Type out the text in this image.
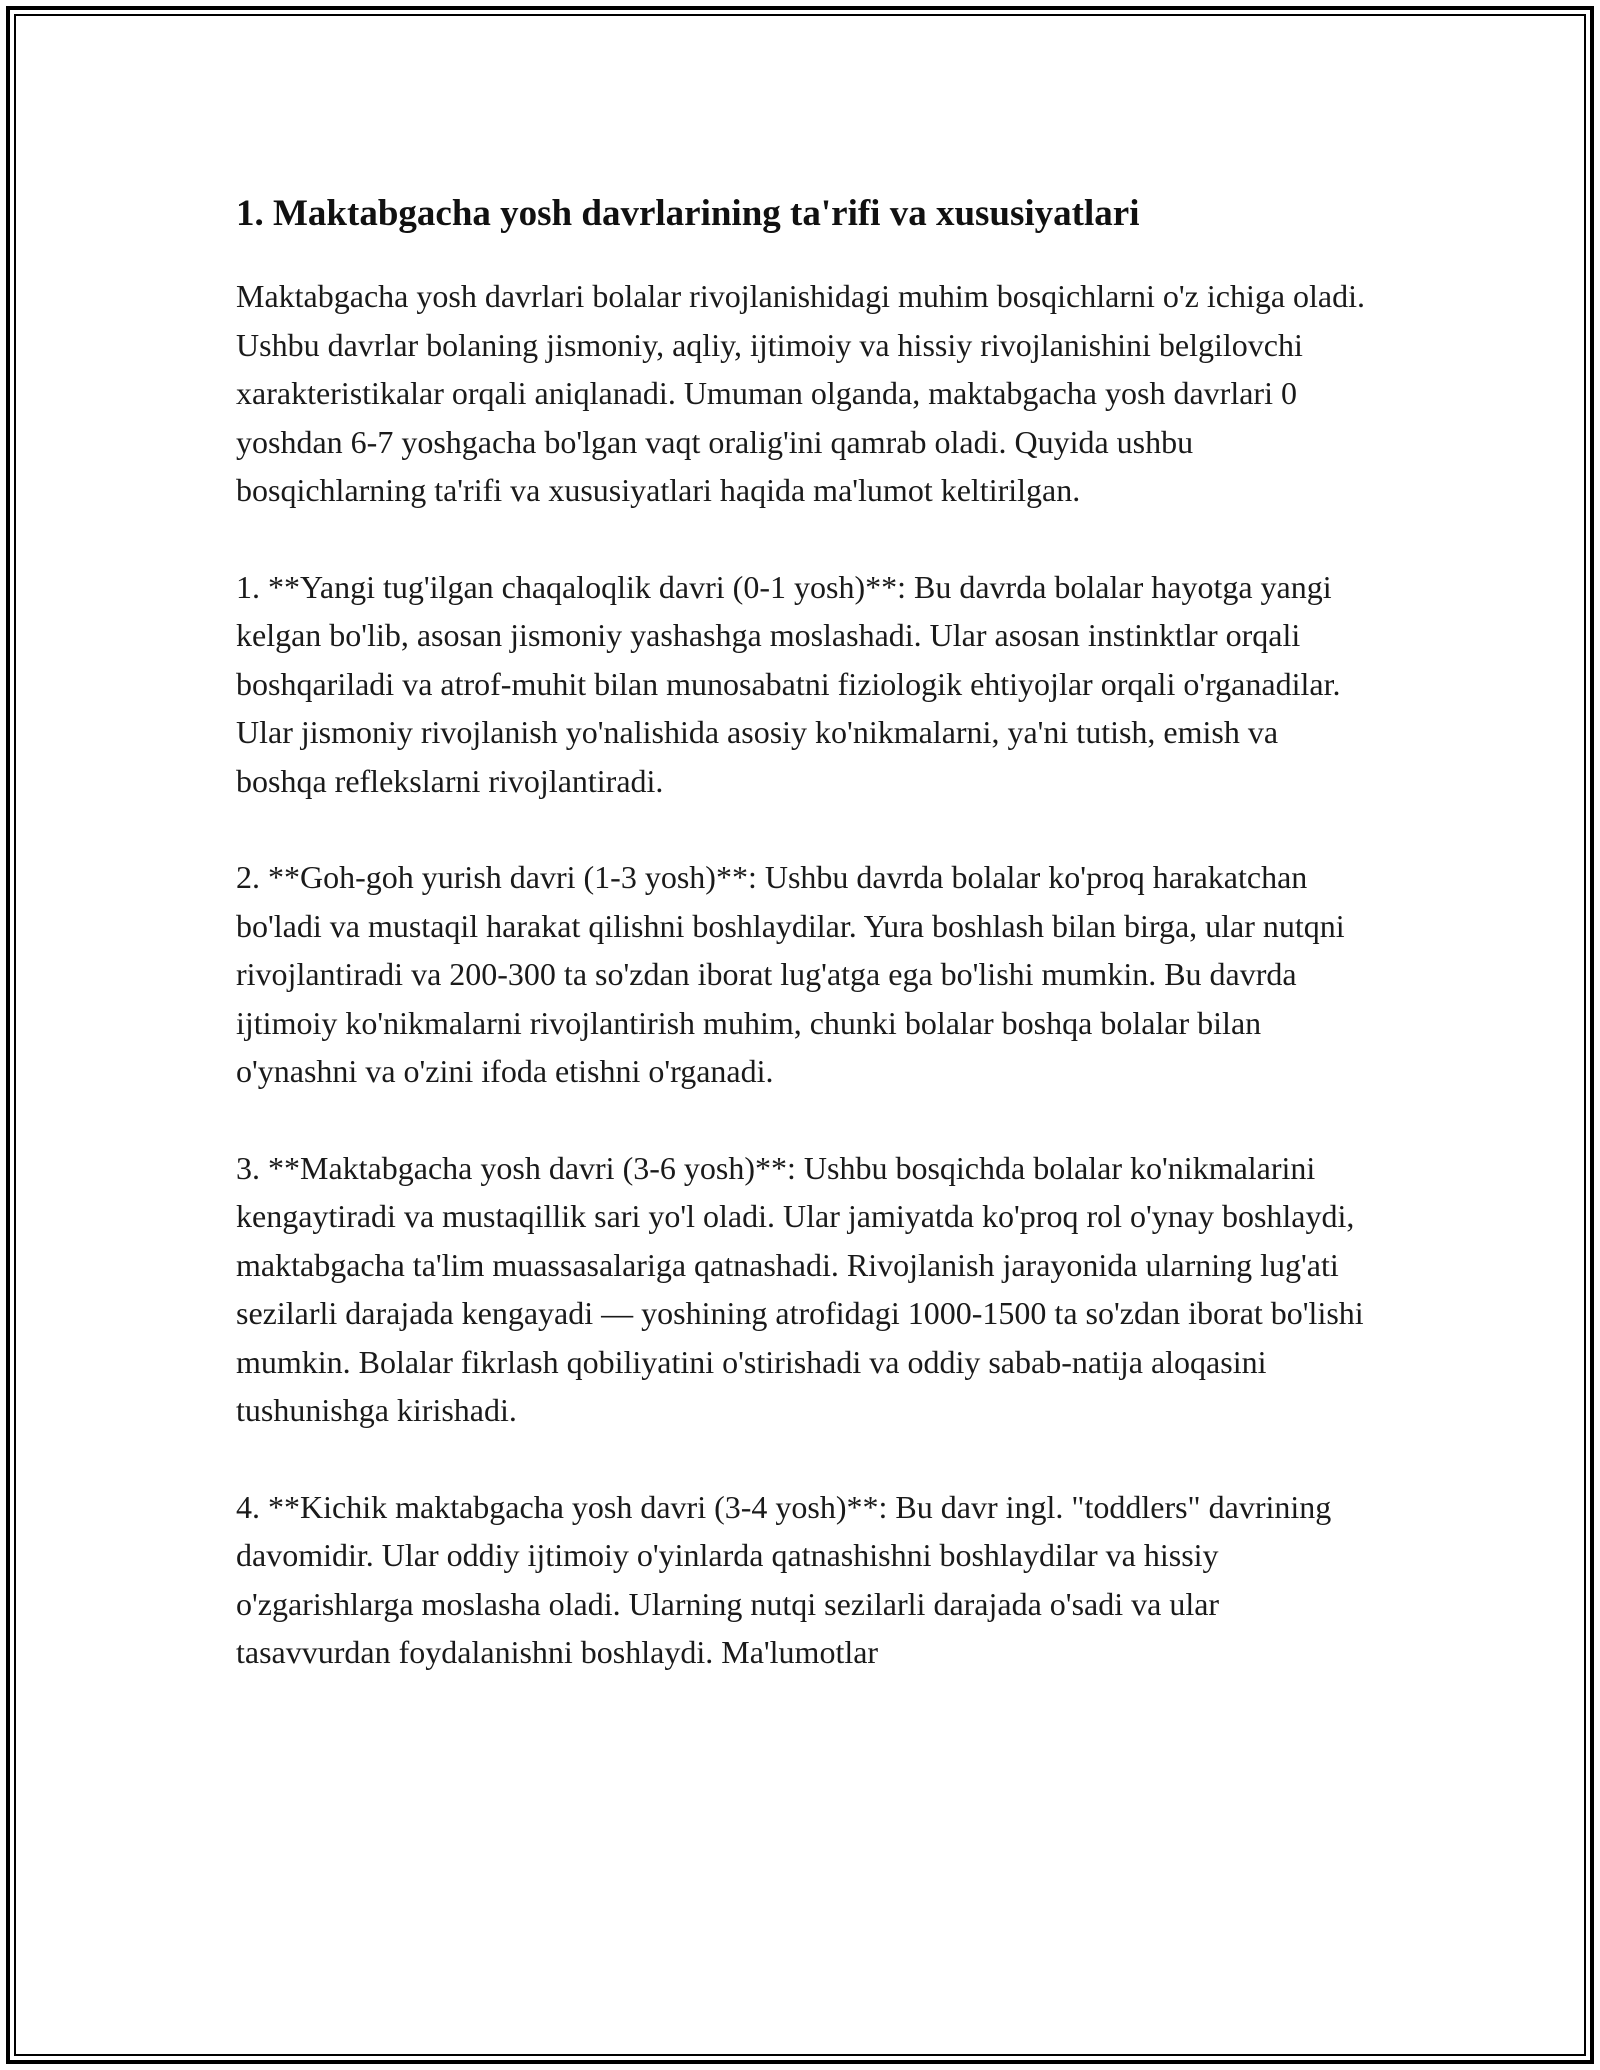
1. Maktabgacha yosh davrlarining ta'rifi va xususiyatlari

Maktabgacha yosh davrlari bolalar rivojlanishidagi muhim bosqichlarni o'z ichiga oladi. Ushbu davrlar bolaning jismoniy, aqliy, ijtimoiy va hissiy rivojlanishini belgilovchi xarakteristikalar orqali aniqlanadi. Umuman olganda, maktabgacha yosh davrlari 0 yoshdan 6-7 yoshgacha bo'lgan vaqt oralig'ini qamrab oladi. Quyida ushbu bosqichlarning ta'rifi va xususiyatlari haqida ma'lumot keltirilgan.

1. **Yangi tug'ilgan chaqaloqlik davri (0-1 yosh)**: Bu davrda bolalar hayotga yangi kelgan bo'lib, asosan jismoniy yashashga moslashadi. Ular asosan instinktlar orqali boshqariladi va atrof-muhit bilan munosabatni fiziologik ehtiyojlar orqali o'rganadilar. Ular jismoniy rivojlanish yo'nalishida asosiy ko'nikmalarni, ya'ni tutish, emish va boshqa reflekslarni rivojlantiradi.

2. **Goh-goh yurish davri (1-3 yosh)**: Ushbu davrda bolalar ko'proq harakatchan bo'ladi va mustaqil harakat qilishni boshlaydilar. Yura boshlash bilan birga, ular nutqni rivojlantiradi va 200-300 ta so'zdan iborat lug'atga ega bo'lishi mumkin. Bu davrda ijtimoiy ko'nikmalarni rivojlantirish muhim, chunki bolalar boshqa bolalar bilan o'ynashni va o'zini ifoda etishni o'rganadi.

3. **Maktabgacha yosh davri (3-6 yosh)**: Ushbu bosqichda bolalar ko'nikmalarini kengaytiradi va mustaqillik sari yo'l oladi. Ular jamiyatda ko'proq rol o'ynay boshlaydi, maktabgacha ta'lim muassasalariga qatnashadi. Rivojlanish jarayonida ularning lug'ati sezilarli darajada kengayadi — yoshining atrofidagi 1000-1500 ta so'zdan iborat bo'lishi mumkin. Bolalar fikrlash qobiliyatini o'stirishadi va oddiy sabab-natija aloqasini tushunishga kirishadi.

4. **Kichik maktabgacha yosh davri (3-4 yosh)**: Bu davr ingl. "toddlers" davrining davomidir. Ular oddiy ijtimoiy o'yinlarda qatnashishni boshlaydilar va hissiy o'zgarishlarga moslasha oladi. Ularning nutqi sezilarli darajada o'sadi va ular tasavvurdan foydalanishni boshlaydi. Ma'lumotlar
